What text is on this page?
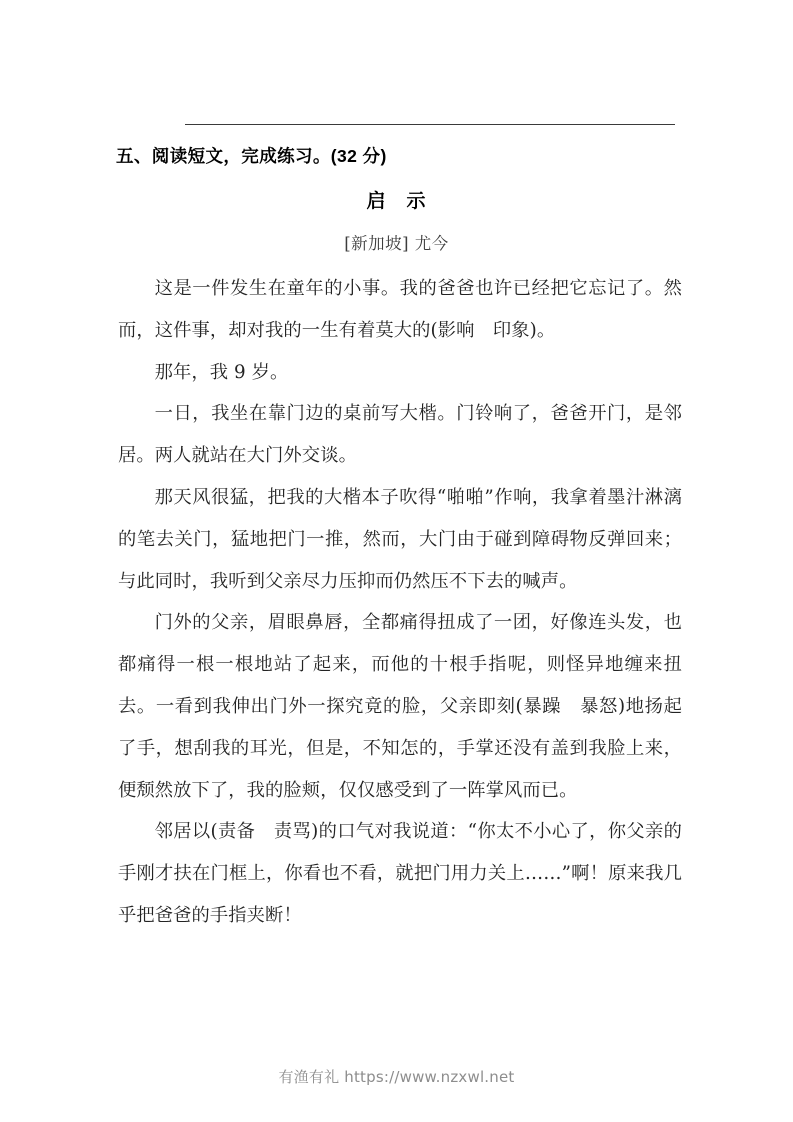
五、阅读短文，完成练习。(32 分)
启　示
[新加坡] 尤今

这是一件发生在童年的小事。我的爸爸也许已经把它忘记了。然而，这件事，却对我的一生有着莫大的(影响　印象)。

那年，我 9 岁。

一日，我坐在靠门边的桌前写大楷。门铃响了，爸爸开门，是邻居。两人就站在大门外交谈。

那天风很猛，把我的大楷本子吹得“啪啪”作响，我拿着墨汁淋漓的笔去关门，猛地把门一推，然而，大门由于碰到障碍物反弹回来；与此同时，我听到父亲尽力压抑而仍然压不下去的喊声。

门外的父亲，眉眼鼻唇，全都痛得扭成了一团，好像连头发，也都痛得一根一根地站了起来，而他的十根手指呢，则怪异地缠来扭去。一看到我伸出门外一探究竟的脸，父亲即刻(暴躁　暴怒)地扬起了手，想刮我的耳光，但是，不知怎的，手掌还没有盖到我脸上来，便颓然放下了，我的脸颊，仅仅感受到了一阵掌风而已。

邻居以(责备　责骂)的口气对我说道：“你太不小心了，你父亲的手刚才扶在门框上，你看也不看，就把门用力关上……”啊！原来我几乎把爸爸的手指夹断！

有渔有礼 https://www.nzxwl.net
